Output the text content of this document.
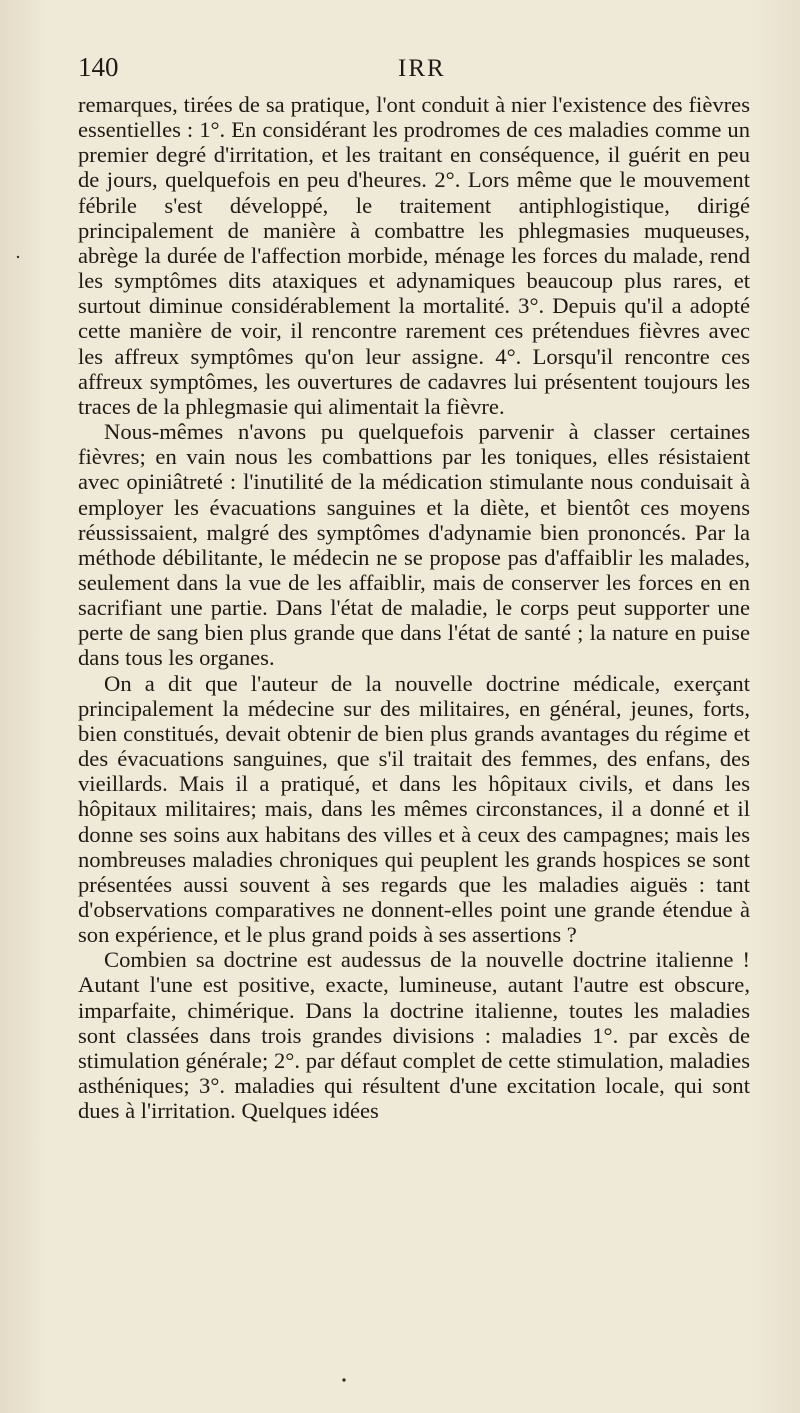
140	IRR

remarques, tirées de sa pratique, l'ont conduit à nier l'existence des fièvres essentielles : 1°. En considérant les prodromes de ces maladies comme un premier degré d'irritation, et les traitant en conséquence, il guérit en peu de jours, quelquefois en peu d'heures. 2°. Lors même que le mouvement fébrile s'est développé, le traitement antiphlogistique, dirigé principalement de manière à combattre les phlegmasies muqueuses, abrège la durée de l'affection morbide, ménage les forces du malade, rend les symptômes dits ataxiques et adynamiques beaucoup plus rares, et surtout diminue considérablement la mortalité. 3°. Depuis qu'il a adopté cette manière de voir, il rencontre rarement ces prétendues fièvres avec les affreux symptômes qu'on leur assigne. 4°. Lorsqu'il rencontre ces affreux symptômes, les ouvertures de cadavres lui présentent toujours les traces de la phlegmasie qui alimentait la fièvre.

Nous-mêmes n'avons pu quelquefois parvenir à classer certaines fièvres; en vain nous les combattions par les toniques, elles résistaient avec opiniâtreté : l'inutilité de la médication stimulante nous conduisait à employer les évacuations sanguines et la diète, et bientôt ces moyens réussissaient, malgré des symptômes d'adynamie bien prononcés. Par la méthode débilitante, le médecin ne se propose pas d'affaiblir les malades, seulement dans la vue de les affaiblir, mais de conserver les forces en en sacrifiant une partie. Dans l'état de maladie, le corps peut supporter une perte de sang bien plus grande que dans l'état de santé ; la nature en puise dans tous les organes.

On a dit que l'auteur de la nouvelle doctrine médicale, exerçant principalement la médecine sur des militaires, en général, jeunes, forts, bien constitués, devait obtenir de bien plus grands avantages du régime et des évacuations sanguines, que s'il traitait des femmes, des enfans, des vieillards. Mais il a pratiqué, et dans les hôpitaux civils, et dans les hôpitaux militaires; mais, dans les mêmes circonstances, il a donné et il donne ses soins aux habitans des villes et à ceux des campagnes; mais les nombreuses maladies chroniques qui peuplent les grands hospices se sont présentées aussi souvent à ses regards que les maladies aiguës : tant d'observations comparatives ne donnent-elles point une grande étendue à son expérience, et le plus grand poids à ses assertions ?

Combien sa doctrine est audessus de la nouvelle doctrine italienne ! Autant l'une est positive, exacte, lumineuse, autant l'autre est obscure, imparfaite, chimérique. Dans la doctrine italienne, toutes les maladies sont classées dans trois grandes divisions : maladies 1°. par excès de stimulation générale; 2°. par défaut complet de cette stimulation, maladies asthéniques; 3°. maladies qui résultent d'une excitation locale, qui sont dues à l'irritation. Quelques idées
